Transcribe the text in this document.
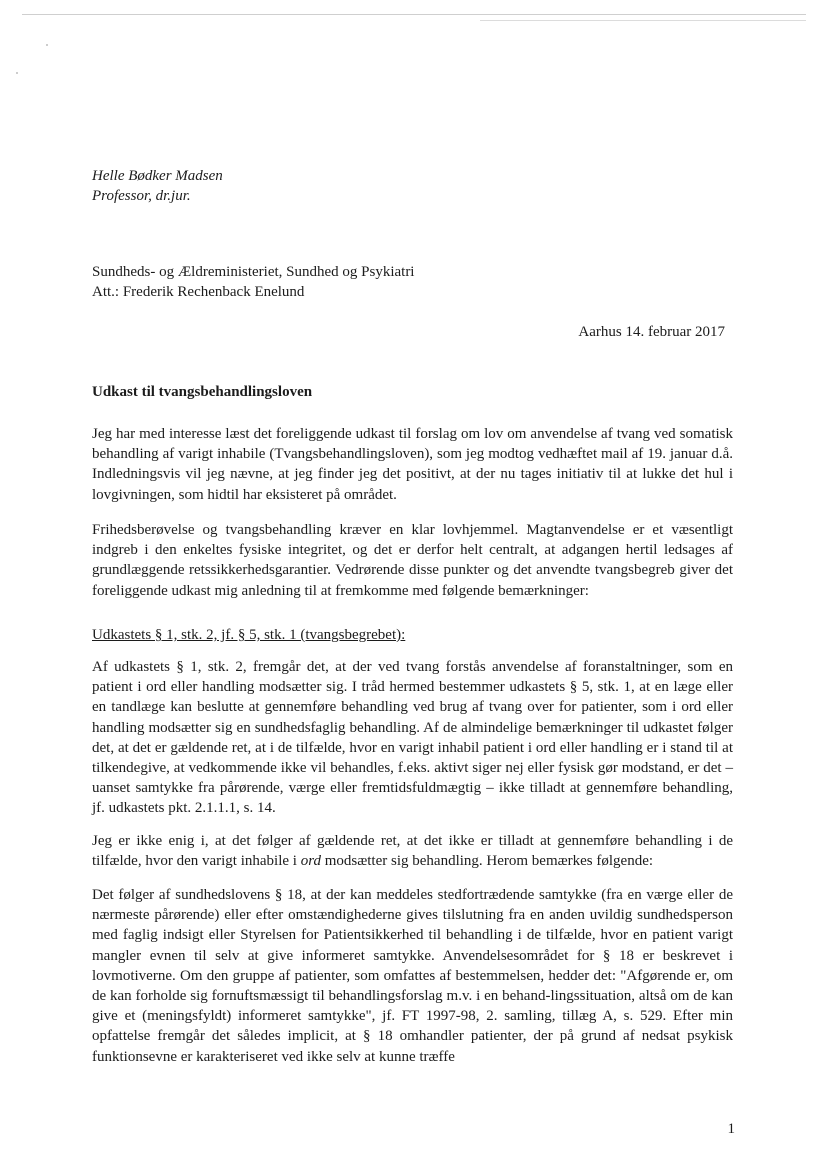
Helle Bødker Madsen
Professor, dr.jur.
Sundheds- og Ældreministeriet, Sundhed og Psykiatri
Att.: Frederik Rechenback Enelund
Aarhus 14. februar 2017
Udkast til tvangsbehandlingsloven

Jeg har med interesse læst det foreliggende udkast til forslag om lov om anvendelse af tvang ved somatisk behandling af varigt inhabile (Tvangsbehandlingsloven), som jeg modtog vedhæftet mail af 19. januar d.å. Indledningsvis vil jeg nævne, at jeg finder jeg det positivt, at der nu tages initiativ til at lukke det hul i lovgivningen, som hidtil har eksisteret på området.

Frihedsberøvelse og tvangsbehandling kræver en klar lovhjemmel. Magtanvendelse er et væsentligt indgreb i den enkeltes fysiske integritet, og det er derfor helt centralt, at adgangen hertil ledsages af grundlæggende retssikkerhedsgarantier. Vedrørende disse punkter og det anvendte tvangsbegreb giver det foreliggende udkast mig anledning til at fremkomme med følgende bemærkninger:

Udkastets § 1, stk. 2, jf. § 5, stk. 1 (tvangsbegrebet):

Af udkastets § 1, stk. 2, fremgår det, at der ved tvang forstås anvendelse af foranstaltninger, som en patient i ord eller handling modsætter sig. I tråd hermed bestemmer udkastets § 5, stk. 1, at en læge eller en tandlæge kan beslutte at gennemføre behandling ved brug af tvang over for patienter, som i ord eller handling modsætter sig en sundhedsfaglig behandling. Af de almindelige bemærkninger til udkastet følger det, at det er gældende ret, at i de tilfælde, hvor en varigt inhabil patient i ord eller handling er i stand til at tilkendegive, at vedkommende ikke vil behandles, f.eks. aktivt siger nej eller fysisk gør modstand, er det – uanset samtykke fra pårørende, værge eller fremtidsfuldmægtig – ikke tilladt at gennemføre behandling, jf. udkastets pkt. 2.1.1.1, s. 14.

Jeg er ikke enig i, at det følger af gældende ret, at det ikke er tilladt at gennemføre behandling i de tilfælde, hvor den varigt inhabile i ord modsætter sig behandling. Herom bemærkes følgende:

Det følger af sundhedslovens § 18, at der kan meddeles stedfortrædende samtykke (fra en værge eller de nærmeste pårørende) eller efter omstændighederne gives tilslutning fra en anden uvildig sundhedsperson med faglig indsigt eller Styrelsen for Patientsikkerhed til behandling i de tilfælde, hvor en patient varigt mangler evnen til selv at give informeret samtykke. Anvendelsesområdet for § 18 er beskrevet i lovmotiverne. Om den gruppe af patienter, som omfattes af bestemmelsen, hedder det: "Afgørende er, om de kan forholde sig fornuftsmæssigt til behandlingsforslag m.v. i en behand-lingssituation, altså om de kan give et (meningsfyldt) informeret samtykke", jf. FT 1997-98, 2. samling, tillæg A, s. 529. Efter min opfattelse fremgår det således implicit, at § 18 omhandler patienter, der på grund af nedsat psykisk funktionsevne er karakteriseret ved ikke selv at kunne træffe

1
